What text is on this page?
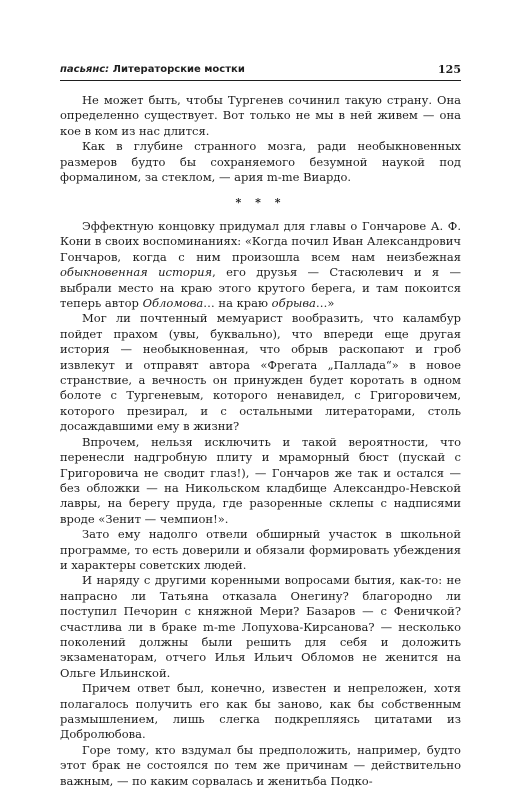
пасьянс: Литераторские мостки	125

Не может быть, чтобы Тургенев сочинил такую страну. Она определенно существует. Вот только не мы в ней живем — она кое в ком из нас длится.

Как в глубине странного мозга, ради необыкновенных размеров будто бы сохраняемого безумной наукой под формалином, за стеклом, — ария m-me Виардо.

* * *

Эффектную концовку придумал для главы о Гончарове А. Ф. Кони в своих воспоминаниях: «Когда почил Иван Александрович Гончаров, когда с ним произошла всем нам неизбежная обыкновенная история, его друзья — Стасюлевич и я — выбрали место на краю этого крутого берега, и там покоится теперь автор Обломова… на краю обрыва…»

Мог ли почтенный мемуарист вообразить, что каламбур пойдет прахом (увы, буквально), что впереди еще другая история — необыкновенная, что обрыв раскопают и гроб извлекут и отправят автора «Фрегата „Паллада“» в новое странствие, а вечность он принужден будет коротать в одном болоте с Тургеневым, которого ненавидел, с Григоровичем, которого презирал, и с остальными литераторами, столь досаждавшими ему в жизни?

Впрочем, нельзя исключить и такой вероятности, что перенесли надгробную плиту и мраморный бюст (пускай с Григоровича не сводит глаз!), — Гончаров же так и остался — без обложки — на Никольском кладбище Александро-Невской лавры, на берегу пруда, где разоренные склепы с надписями вроде «Зенит — чемпион!».

Зато ему надолго отвели обширный участок в школьной программе, то есть доверили и обязали формировать убеждения и характеры советских людей.

И наряду с другими коренными вопросами бытия, как-то: не напрасно ли Татьяна отказала Онегину? благородно ли поступил Печорин с княжной Мери? Базаров — с Феничкой? счастлива ли в браке m-me Лопухова-Кирсанова? — несколько поколений должны были решить для себя и доложить экзаменаторам, отчего Илья Ильич Обломов не женится на Ольге Ильинской.

Причем ответ был, конечно, известен и непреложен, хотя полагалось получить его как бы заново, как бы собственным размышлением, лишь слегка подкрепляясь цитатами из Добролюбова.

Горе тому, кто вздумал бы предположить, например, будто этот брак не состоялся по тем же причинам — действительно важным, — по каким сорвалась и женитьба Подко-
